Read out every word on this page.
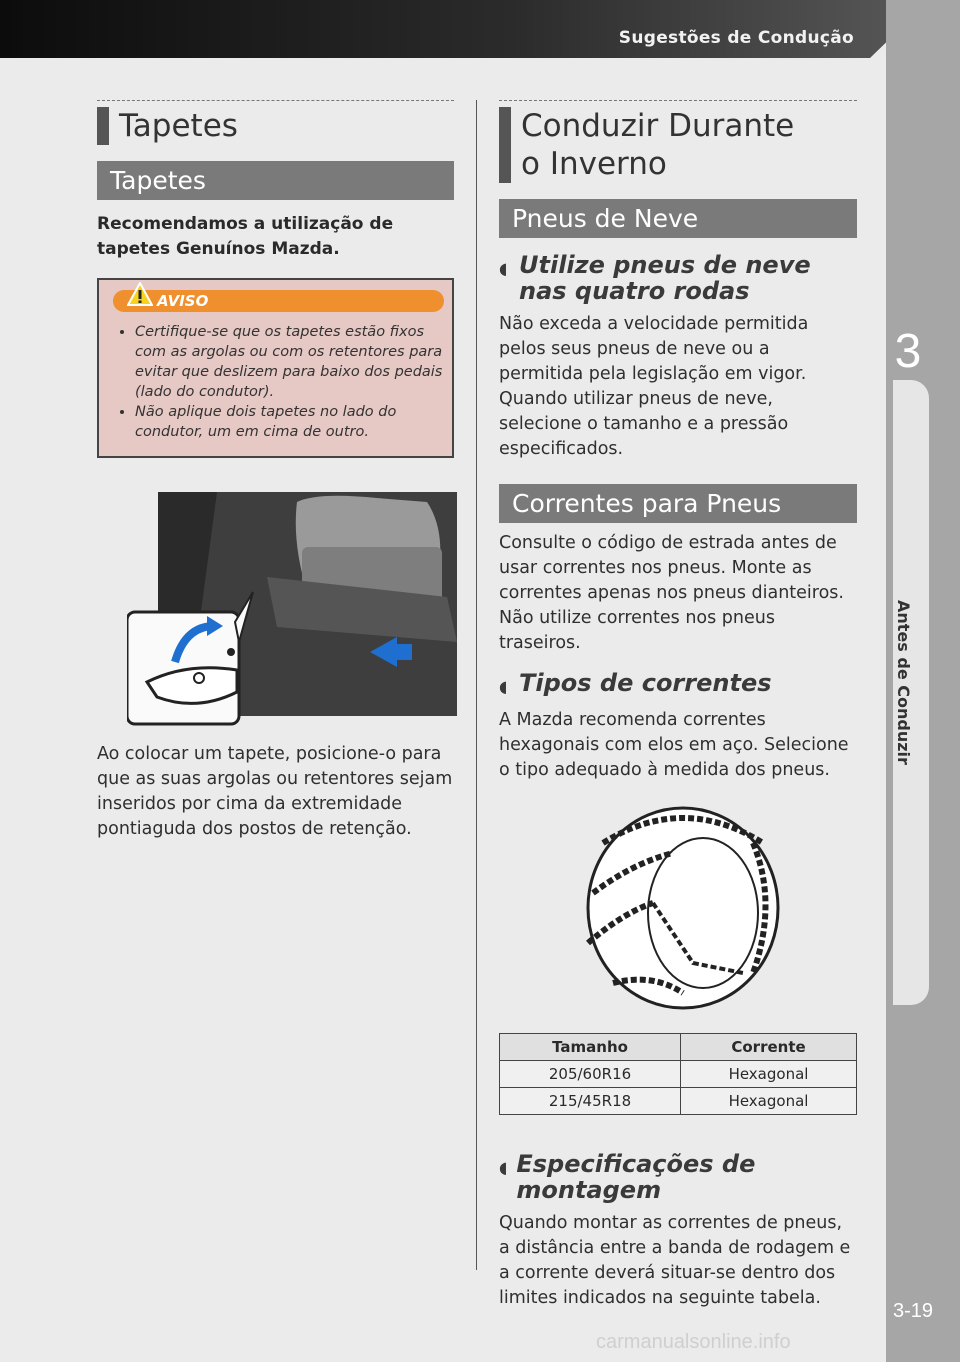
Sugestões de Condução
3
Antes de Conduzir
3-19
carmanualsonline.info
Tapetes
Tapetes
Recomendamos a utilização de tapetes Genuínos Mazda.
AVISO
• Certifique-se que os tapetes estão fixos com as argolas ou com os retentores para evitar que deslizem para baixo dos pedais (lado do condutor).
• Não aplique dois tapetes no lado do condutor, um em cima de outro.
Ao colocar um tapete, posicione-o para que as suas argolas ou retentores sejam inseridos por cima da extremidade pontiaguda dos postos de retenção.
Conduzir Durante
o Inverno
Pneus de Neve
◖ Utilize pneus de neve
nas quatro rodas
Não exceda a velocidade permitida pelos seus pneus de neve ou a permitida pela legislação em vigor. Quando utilizar pneus de neve, selecione o tamanho e a pressão especificados.
Correntes para Pneus
Consulte o código de estrada antes de usar correntes nos pneus. Monte as correntes apenas nos pneus dianteiros. Não utilize correntes nos pneus traseiros.
◖ Tipos de correntes
A Mazda recomenda correntes hexagonais com elos em aço. Selecione o tipo adequado à medida dos pneus.
Tamanho	Corrente
205/60R16	Hexagonal
215/45R18	Hexagonal
◖ Especificações de montagem
Quando montar as correntes de pneus, a distância entre a banda de rodagem e a corrente deverá situar-se dentro dos limites indicados na seguinte tabela.
